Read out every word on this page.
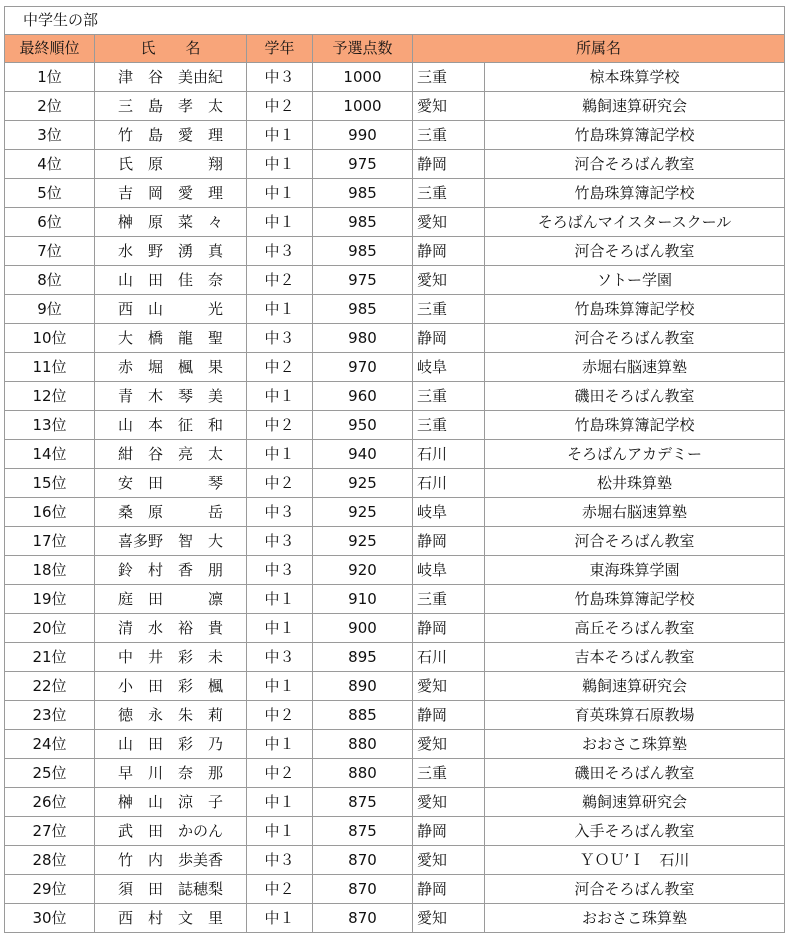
中学生の部					
最終順位	氏　　名	学年	予選点数	所属名	
1位	津　谷　美由紀	中３	1000	三重	椋本珠算学校
2位	三　島　孝　太	中２	1000	愛知	鵜飼速算研究会
3位	竹　島　愛　理	中１	990	三重	竹島珠算簿記学校
4位	氏　原　　　翔	中１	975	静岡	河合そろばん教室
5位	吉　岡　愛　理	中１	985	三重	竹島珠算簿記学校
6位	榊　原　菜　々	中１	985	愛知	そろばんマイスタースクール
7位	水　野　湧　真	中３	985	静岡	河合そろばん教室
8位	山　田　佳　奈	中２	975	愛知	ソトー学園
9位	西　山　　　光	中１	985	三重	竹島珠算簿記学校
10位	大　橋　龍　聖	中３	980	静岡	河合そろばん教室
11位	赤　堀　楓　果	中２	970	岐阜	赤堀右脳速算塾
12位	青　木　琴　美	中１	960	三重	磯田そろばん教室
13位	山　本　征　和	中２	950	三重	竹島珠算簿記学校
14位	紺　谷　亮　太	中１	940	石川	そろばんアカデミー
15位	安　田　　　琴	中２	925	石川	松井珠算塾
16位	桑　原　　　岳	中３	925	岐阜	赤堀右脳速算塾
17位	喜多野　智　大	中３	925	静岡	河合そろばん教室
18位	鈴　村　香　朋	中３	920	岐阜	東海珠算学園
19位	庭　田　　　凛	中１	910	三重	竹島珠算簿記学校
20位	清　水　裕　貴	中１	900	静岡	高丘そろばん教室
21位	中　井　彩　未	中３	895	石川	吉本そろばん教室
22位	小　田　彩　楓	中１	890	愛知	鵜飼速算研究会
23位	徳　永　朱　莉	中２	885	静岡	育英珠算石原教場
24位	山　田　彩　乃	中１	880	愛知	おおさこ珠算塾
25位	早　川　奈　那	中２	880	三重	磯田そろばん教室
26位	榊　山　涼　子	中１	875	愛知	鵜飼速算研究会
27位	武　田　かのん	中１	875	静岡	入手そろばん教室
28位	竹　内　歩美香	中３	870	愛知	ＹＯＵ’Ｉ　石川
29位	須　田　誌穂梨	中２	870	静岡	河合そろばん教室
30位	西　村　文　里	中１	870	愛知	おおさこ珠算塾
